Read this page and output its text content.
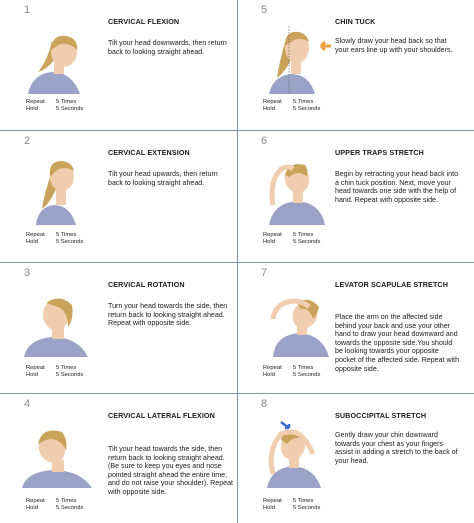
1
CERVICAL FLEXION
Tilt your head downwards, then return back to looking straight ahead.
Repeat	5 Times
Hold	5 Seconds
2
CERVICAL EXTENSION
Tilt your head upwards, then return back to looking straight ahead.
Repeat	5 Times
Hold	5 Seconds
3
CERVICAL ROTATION
Turn your head towards the side, then return back to looking straight ahead. Repeat with opposite side.
Repeat	5 Times
Hold	5 Seconds
4
CERVICAL LATERAL FLEXION
Tilt your head towards the side, then return back to looking straight ahead. (Be sure to keep you eyes and nose pointed straight ahead the entire time, and do not raise your shoulder). Repeat with opposite side.
Repeat	5 Times
Hold	5 Seconds
5
CHIN TUCK
Slowly draw your head back so that your ears line up with your shoulders.
Repeat	5 Times
Hold	5 Seconds
6
UPPER TRAPS STRETCH
Begin by retracting your head back into a chin tuck position. Next, move your head towards one side with the help of hand. Repeat with opposite side.
Repeat	5 Times
Hold	5 Seconds
7
LEVATOR SCAPULAE STRETCH
Place the arm on the affected side behind your back and use your other hand to draw your head downward and towards the opposite side.You should be looking towards your opposite pocket of the affected side. Repeat with opposite side.
Repeat	5 Times
Hold	5 Seconds
8
SUBOCCIPITAL STRETCH
Gently draw your chin downward towards your chest as your fingers assist in adding a stretch to the back of your head.
Repeat	5 Times
Hold	5 Seconds
